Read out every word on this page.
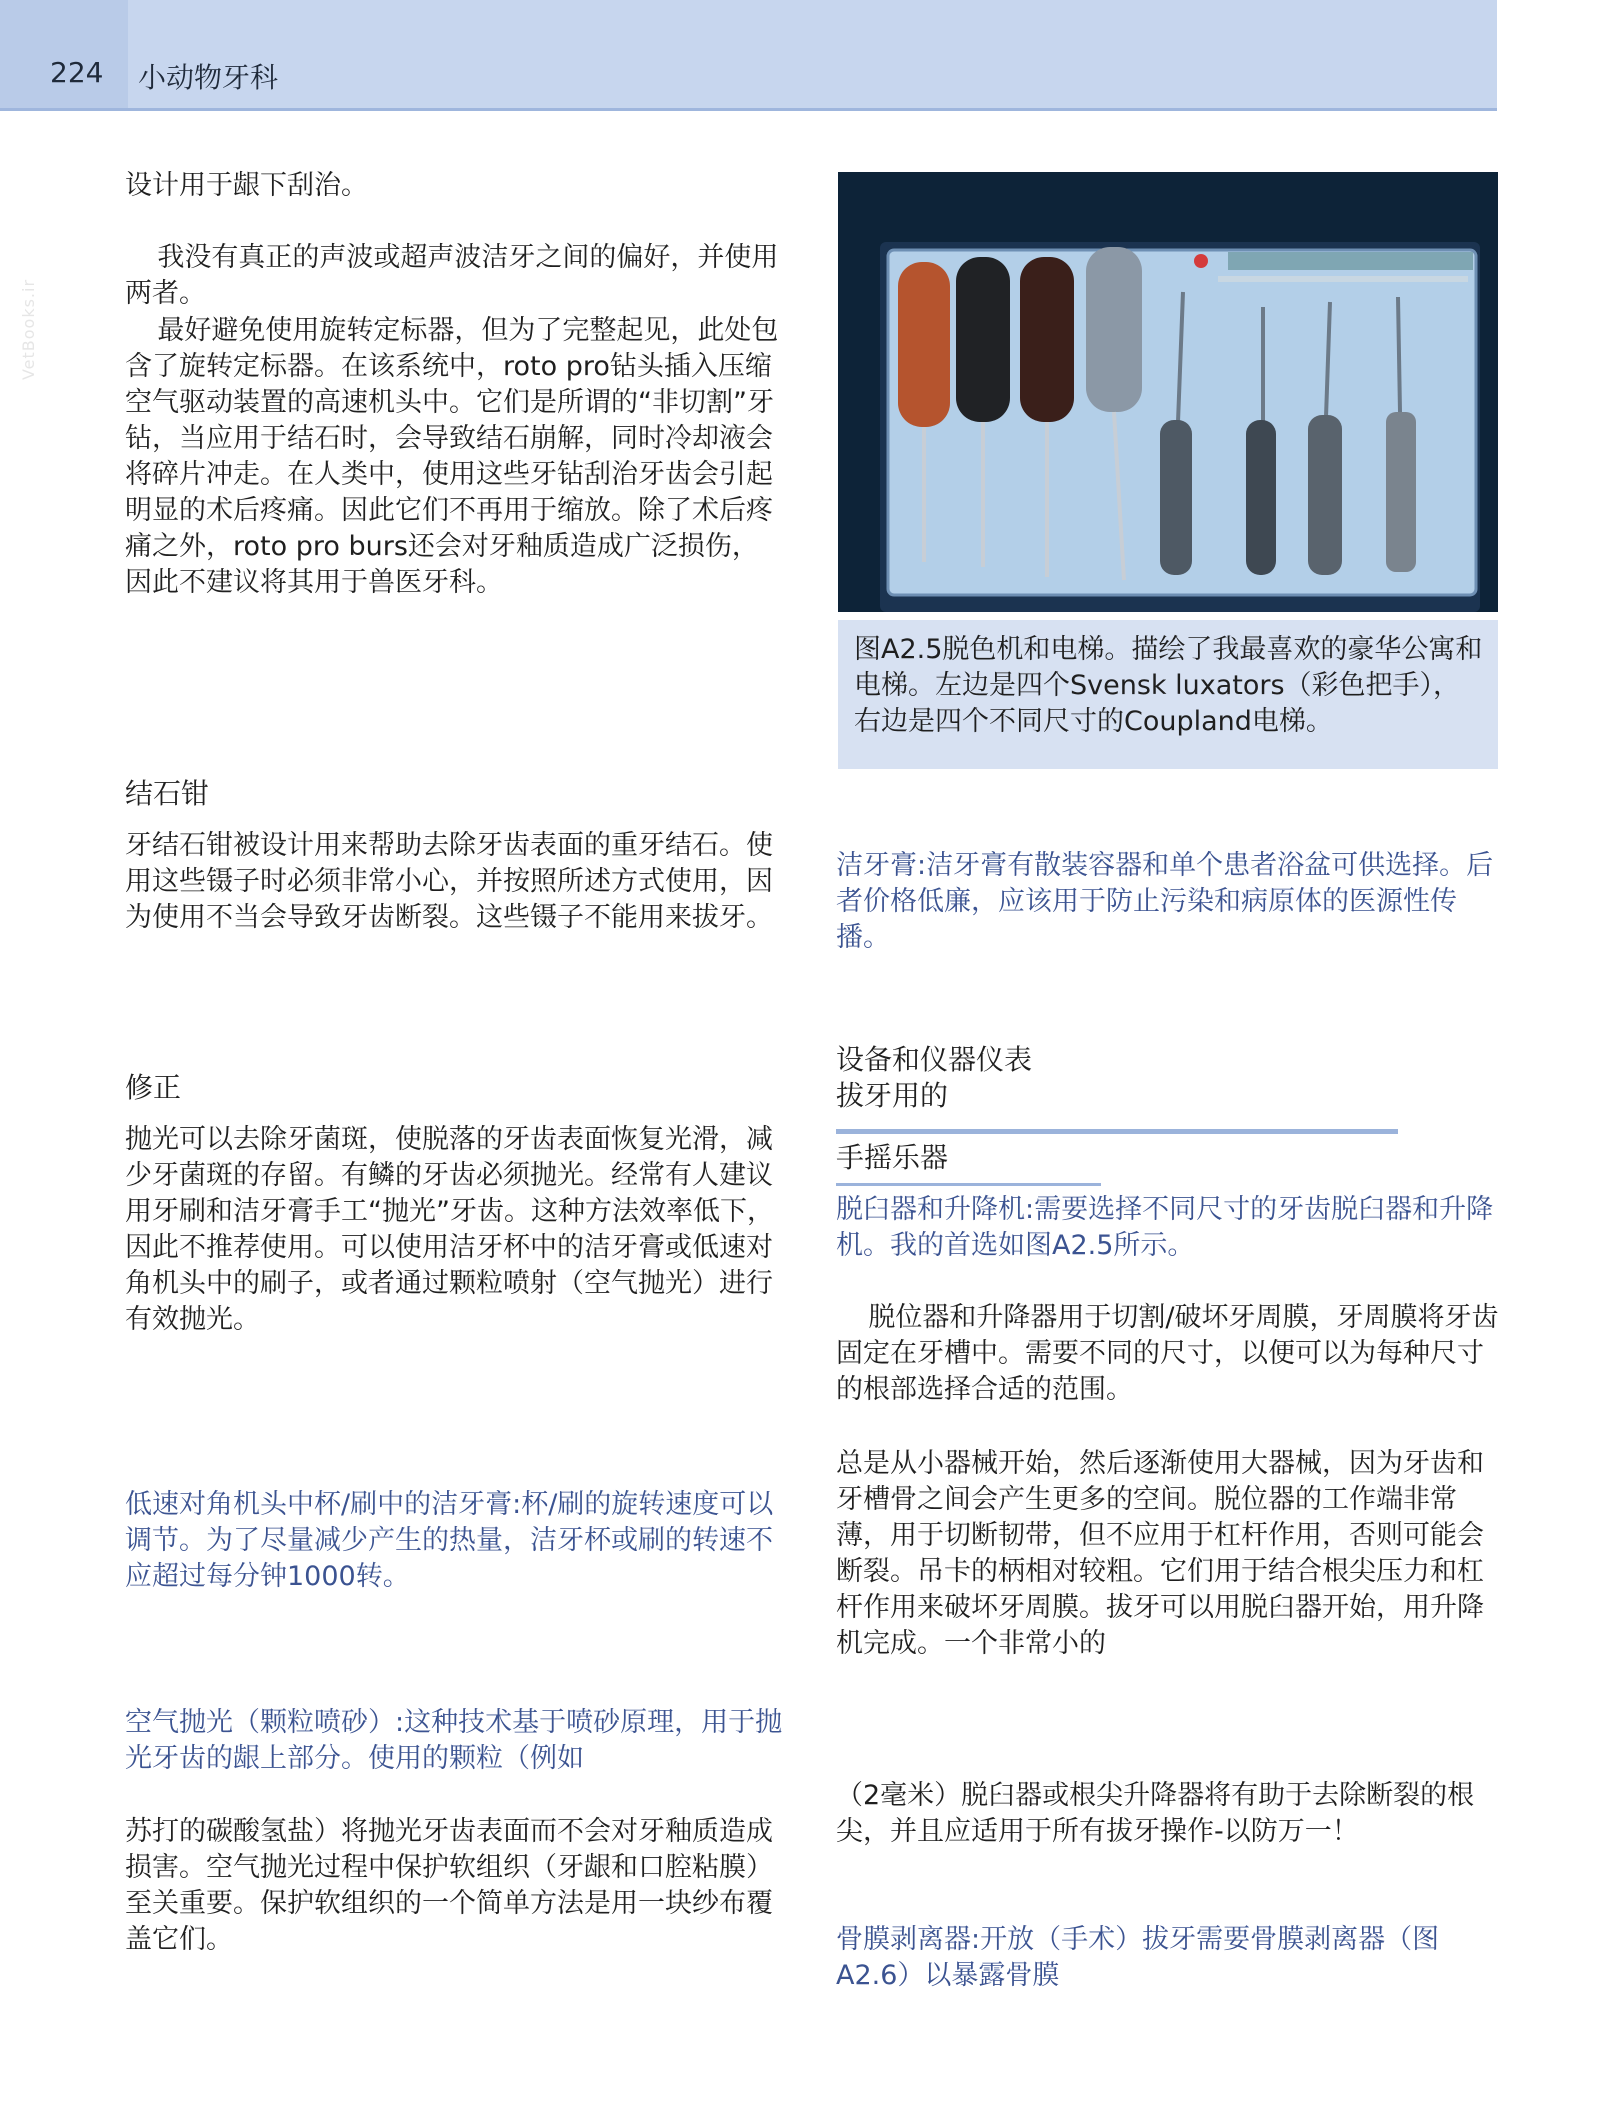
224 小动物牙科
VetBooks.ir

设计用于龈下刮治。

我没有真正的声波或超声波洁牙之间的偏好，并使用两者。

最好避免使用旋转定标器，但为了完整起见，此处包含了旋转定标器。在该系统中，roto pro钻头插入压缩空气驱动装置的高速机头中。它们是所谓的“非切割”牙钻，当应用于结石时，会导致结石崩解，同时冷却液会将碎片冲走。在人类中，使用这些牙钻刮治牙齿会引起明显的术后疼痛。因此它们不再用于缩放。除了术后疼痛之外，roto pro burs还会对牙釉质造成广泛损伤，因此不建议将其用于兽医牙科。

结石钳

牙结石钳被设计用来帮助去除牙齿表面的重牙结石。使用这些镊子时必须非常小心，并按照所述方式使用，因为使用不当会导致牙齿断裂。这些镊子不能用来拔牙。

修正

抛光可以去除牙菌斑，使脱落的牙齿表面恢复光滑，减少牙菌斑的存留。有鳞的牙齿必须抛光。经常有人建议用牙刷和洁牙膏手工“抛光”牙齿。这种方法效率低下，因此不推荐使用。可以使用洁牙杯中的洁牙膏或低速对角机头中的刷子，或者通过颗粒喷射（空气抛光）进行有效抛光。

低速对角机头中杯/刷中的洁牙膏:杯/刷的旋转速度可以调节。为了尽量减少产生的热量，洁牙杯或刷的转速不应超过每分钟1000转。

空气抛光（颗粒喷砂）:这种技术基于喷砂原理，用于抛光牙齿的龈上部分。使用的颗粒（例如

苏打的碳酸氢盐）将抛光牙齿表面而不会对牙釉质造成损害。空气抛光过程中保护软组织（牙龈和口腔粘膜）至关重要。保护软组织的一个简单方法是用一块纱布覆盖它们。

图A2.5脱色机和电梯。描绘了我最喜欢的豪华公寓和电梯。左边是四个Svensk luxators（彩色把手），右边是四个不同尺寸的Coupland电梯。

洁牙膏:洁牙膏有散装容器和单个患者浴盆可供选择。后者价格低廉，应该用于防止污染和病原体的医源性传播。

设备和仪器仪表
拔牙用的
手摇乐器

脱臼器和升降机:需要选择不同尺寸的牙齿脱臼器和升降机。我的首选如图A2.5所示。

脱位器和升降器用于切割/破坏牙周膜，牙周膜将牙齿固定在牙槽中。需要不同的尺寸，以便可以为每种尺寸的根部选择合适的范围。

总是从小器械开始，然后逐渐使用大器械，因为牙齿和牙槽骨之间会产生更多的空间。脱位器的工作端非常薄，用于切断韧带，但不应用于杠杆作用，否则可能会断裂。吊卡的柄相对较粗。它们用于结合根尖压力和杠杆作用来破坏牙周膜。拔牙可以用脱臼器开始，用升降机完成。一个非常小的

（2毫米）脱臼器或根尖升降器将有助于去除断裂的根尖，并且应适用于所有拔牙操作-以防万一！

骨膜剥离器:开放（手术）拔牙需要骨膜剥离器（图A2.6）以暴露骨膜
